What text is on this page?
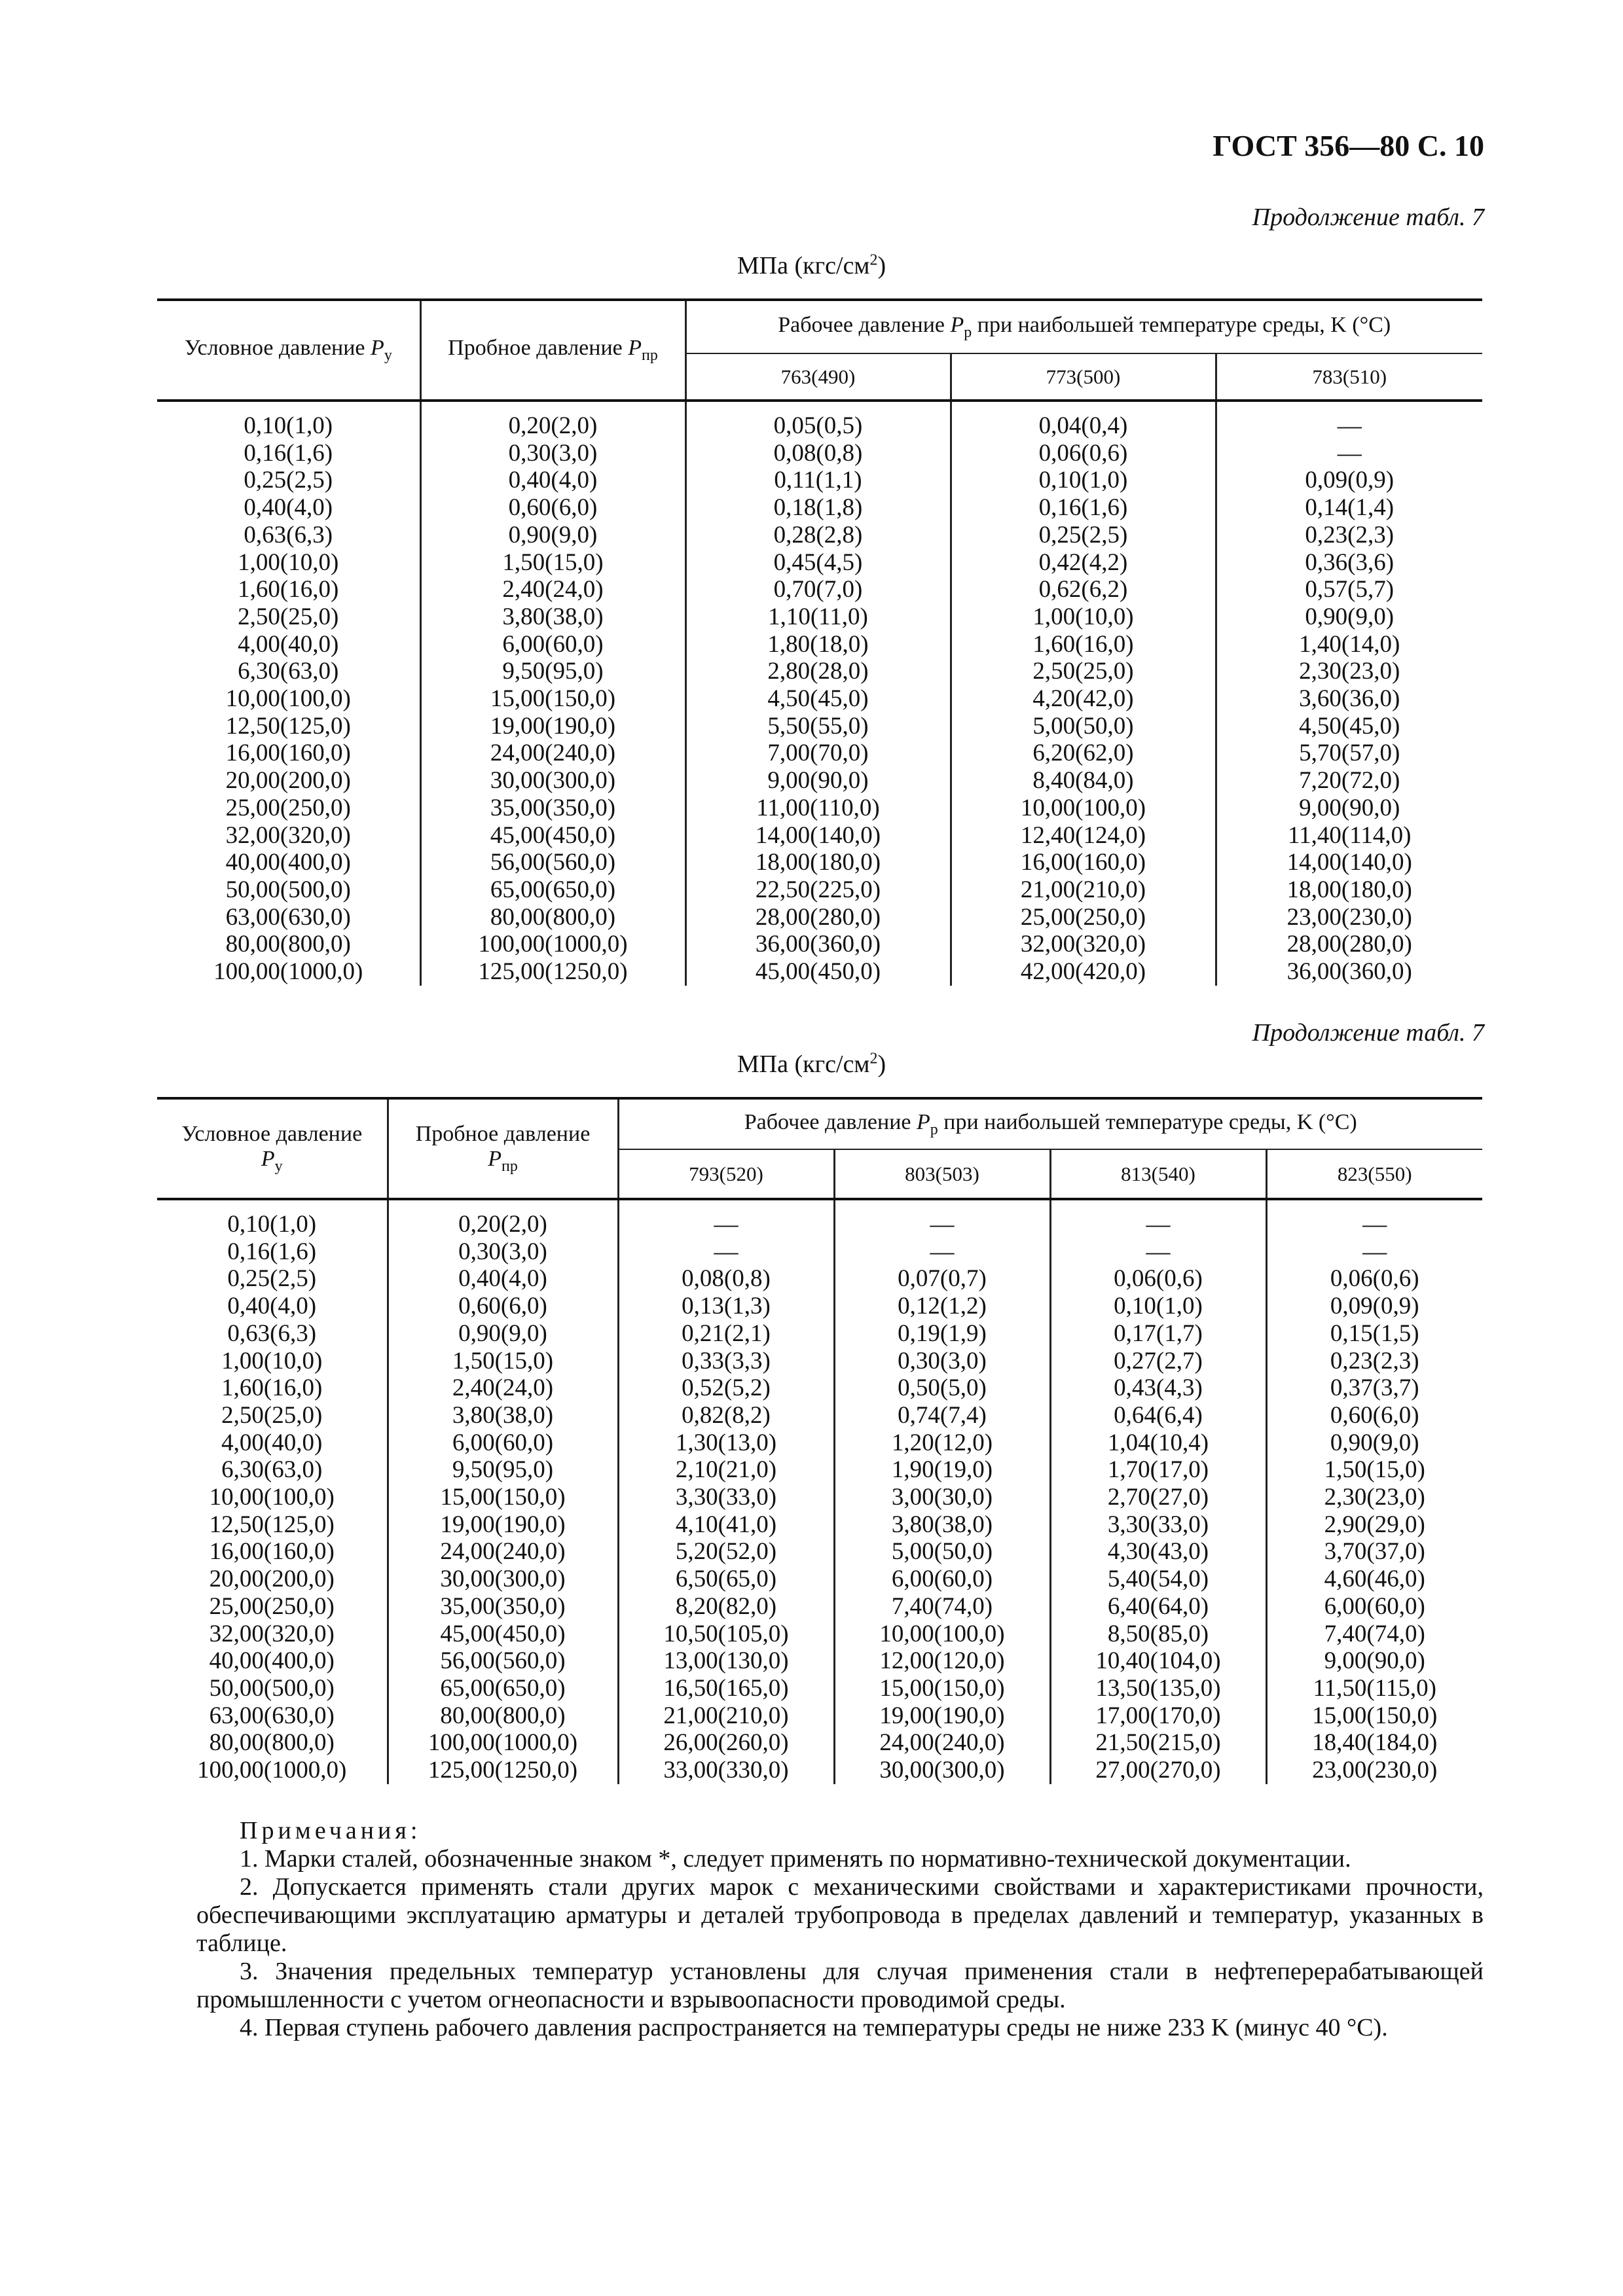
ГОСТ 356—80 С. 10
Продолжение табл. 7
МПа $(кгс/см^2)$
Условное давление $P_у$	Пробное давление $P_{пр}$	Рабочее давление $P_р$ при наибольшей температуре среды, K (°С)		
		763(490)	773(500)	783(510)
0,10(1,0)	0,20(2,0)	0,05(0,5)	0,04(0,4)	—
0,16(1,6)	0,30(3,0)	0,08(0,8)	0,06(0,6)	—
0,25(2,5)	0,40(4,0)	0,11(1,1)	0,10(1,0)	0,09(0,9)
0,40(4,0)	0,60(6,0)	0,18(1,8)	0,16(1,6)	0,14(1,4)
0,63(6,3)	0,90(9,0)	0,28(2,8)	0,25(2,5)	0,23(2,3)
1,00(10,0)	1,50(15,0)	0,45(4,5)	0,42(4,2)	0,36(3,6)
1,60(16,0)	2,40(24,0)	0,70(7,0)	0,62(6,2)	0,57(5,7)
2,50(25,0)	3,80(38,0)	1,10(11,0)	1,00(10,0)	0,90(9,0)
4,00(40,0)	6,00(60,0)	1,80(18,0)	1,60(16,0)	1,40(14,0)
6,30(63,0)	9,50(95,0)	2,80(28,0)	2,50(25,0)	2,30(23,0)
10,00(100,0)	15,00(150,0)	4,50(45,0)	4,20(42,0)	3,60(36,0)
12,50(125,0)	19,00(190,0)	5,50(55,0)	5,00(50,0)	4,50(45,0)
16,00(160,0)	24,00(240,0)	7,00(70,0)	6,20(62,0)	5,70(57,0)
20,00(200,0)	30,00(300,0)	9,00(90,0)	8,40(84,0)	7,20(72,0)
25,00(250,0)	35,00(350,0)	11,00(110,0)	10,00(100,0)	9,00(90,0)
32,00(320,0)	45,00(450,0)	14,00(140,0)	12,40(124,0)	11,40(114,0)
40,00(400,0)	56,00(560,0)	18,00(180,0)	16,00(160,0)	14,00(140,0)
50,00(500,0)	65,00(650,0)	22,50(225,0)	21,00(210,0)	18,00(180,0)
63,00(630,0)	80,00(800,0)	28,00(280,0)	25,00(250,0)	23,00(230,0)
80,00(800,0)	100,00(1000,0)	36,00(360,0)	32,00(320,0)	28,00(280,0)
100,00(1000,0)	125,00(1250,0)	45,00(450,0)	42,00(420,0)	36,00(360,0)
Продолжение табл. 7
МПа $(кгс/см^2)$
Условное давление
$P_у$	Пробное давление
$P_{пр}$	Рабочее давление $P_р$ при наибольшей температуре среды, K (°С)			
		793(520)	803(503)	813(540)	823(550)
0,10(1,0)	0,20(2,0)	—	—	—	—
0,16(1,6)	0,30(3,0)	—	—	—	—
0,25(2,5)	0,40(4,0)	0,08(0,8)	0,07(0,7)	0,06(0,6)	0,06(0,6)
0,40(4,0)	0,60(6,0)	0,13(1,3)	0,12(1,2)	0,10(1,0)	0,09(0,9)
0,63(6,3)	0,90(9,0)	0,21(2,1)	0,19(1,9)	0,17(1,7)	0,15(1,5)
1,00(10,0)	1,50(15,0)	0,33(3,3)	0,30(3,0)	0,27(2,7)	0,23(2,3)
1,60(16,0)	2,40(24,0)	0,52(5,2)	0,50(5,0)	0,43(4,3)	0,37(3,7)
2,50(25,0)	3,80(38,0)	0,82(8,2)	0,74(7,4)	0,64(6,4)	0,60(6,0)
4,00(40,0)	6,00(60,0)	1,30(13,0)	1,20(12,0)	1,04(10,4)	0,90(9,0)
6,30(63,0)	9,50(95,0)	2,10(21,0)	1,90(19,0)	1,70(17,0)	1,50(15,0)
10,00(100,0)	15,00(150,0)	3,30(33,0)	3,00(30,0)	2,70(27,0)	2,30(23,0)
12,50(125,0)	19,00(190,0)	4,10(41,0)	3,80(38,0)	3,30(33,0)	2,90(29,0)
16,00(160,0)	24,00(240,0)	5,20(52,0)	5,00(50,0)	4,30(43,0)	3,70(37,0)
20,00(200,0)	30,00(300,0)	6,50(65,0)	6,00(60,0)	5,40(54,0)	4,60(46,0)
25,00(250,0)	35,00(350,0)	8,20(82,0)	7,40(74,0)	6,40(64,0)	6,00(60,0)
32,00(320,0)	45,00(450,0)	10,50(105,0)	10,00(100,0)	8,50(85,0)	7,40(74,0)
40,00(400,0)	56,00(560,0)	13,00(130,0)	12,00(120,0)	10,40(104,0)	9,00(90,0)
50,00(500,0)	65,00(650,0)	16,50(165,0)	15,00(150,0)	13,50(135,0)	11,50(115,0)
63,00(630,0)	80,00(800,0)	21,00(210,0)	19,00(190,0)	17,00(170,0)	15,00(150,0)
80,00(800,0)	100,00(1000,0)	26,00(260,0)	24,00(240,0)	21,50(215,0)	18,40(184,0)
100,00(1000,0)	125,00(1250,0)	33,00(330,0)	30,00(300,0)	27,00(270,0)	23,00(230,0)
Примечания:

1. Марки сталей, обозначенные знаком *, следует применять по нормативно-технической документации.

2. Допускается применять стали других марок с механическими свойствами и характеристиками прочности, обеспечивающими эксплуатацию арматуры и деталей трубопровода в пределах давлений и температур, указанных в таблице.

3. Значения предельных температур установлены для случая применения стали в нефтеперерабатывающей промышленности с учетом огнеопасности и взрывоопасности проводимой среды.

4. Первая ступень рабочего давления распространяется на температуры среды не ниже 233 K (минус 40 °С).
